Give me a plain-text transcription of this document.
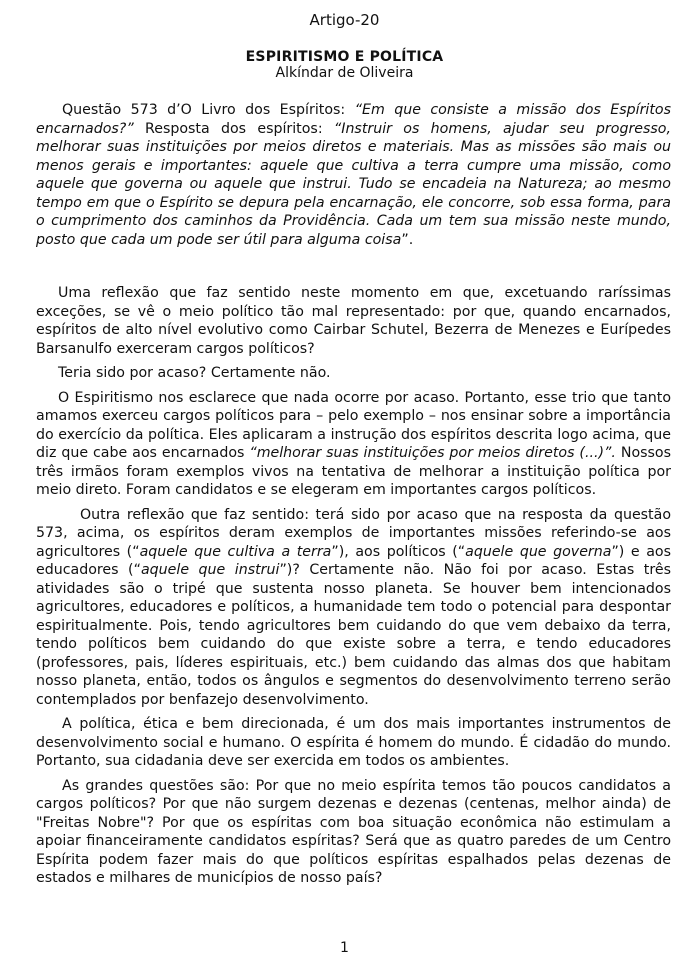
Artigo-20
ESPIRITISMO E POLÍTICA
Alkíndar de Oliveira

Questão 573 d’O Livro dos Espíritos: “Em que consiste a missão dos Espíritos encarnados?” Resposta dos espíritos: “Instruir os homens, ajudar seu progresso, melhorar suas instituições por meios diretos e materiais. Mas as missões são mais ou menos gerais e importantes: aquele que cultiva a terra cumpre uma missão, como aquele que governa ou aquele que instrui. Tudo se encadeia na Natureza; ao mesmo tempo em que o Espírito se depura pela encarnação, ele concorre, sob essa forma, para o cumprimento dos caminhos da Providência. Cada um tem sua missão neste mundo, posto que cada um pode ser útil para alguma coisa”.

Uma reflexão que faz sentido neste momento em que, excetuando raríssimas exceções, se vê o meio político tão mal representado: por que, quando encarnados, espíritos de alto nível evolutivo como Cairbar Schutel, Bezerra de Menezes e Eurípedes Barsanulfo exerceram cargos políticos?

Teria sido por acaso? Certamente não.

O Espiritismo nos esclarece que nada ocorre por acaso. Portanto, esse trio que tanto amamos exerceu cargos políticos para – pelo exemplo – nos ensinar sobre a importância do exercício da política. Eles aplicaram a instrução dos espíritos descrita logo acima, que diz que cabe aos encarnados “melhorar suas instituições por meios diretos (...)”. Nossos três irmãos foram exemplos vivos na tentativa de melhorar a instituição política por meio direto. Foram candidatos e se elegeram em importantes cargos políticos.

Outra reflexão que faz sentido: terá sido por acaso que na resposta da questão 573, acima, os espíritos deram exemplos de importantes missões referindo-se aos agricultores (“aquele que cultiva a terra”), aos políticos (“aquele que governa”) e aos educadores (“aquele que instrui”)? Certamente não. Não foi por acaso. Estas três atividades são o tripé que sustenta nosso planeta. Se houver bem intencionados agricultores, educadores e políticos, a humanidade tem todo o potencial para despontar espiritualmente. Pois, tendo agricultores bem cuidando do que vem debaixo da terra, tendo políticos bem cuidando do que existe sobre a terra, e tendo educadores (professores, pais, líderes espirituais, etc.) bem cuidando das almas dos que habitam nosso planeta, então, todos os ângulos e segmentos do desenvolvimento terreno serão contemplados por benfazejo desenvolvimento.

A política, ética e bem direcionada, é um dos mais importantes instrumentos de desenvolvimento social e humano. O espírita é homem do mundo. É cidadão do mundo. Portanto, sua cidadania deve ser exercida em todos os ambientes.

As grandes questões são: Por que no meio espírita temos tão poucos candidatos a cargos políticos? Por que não surgem dezenas e dezenas (centenas, melhor ainda) de "Freitas Nobre"? Por que os espíritas com boa situação econômica não estimulam a apoiar financeiramente candidatos espíritas? Será que as quatro paredes de um Centro Espírita podem fazer mais do que políticos espíritas espalhados pelas dezenas de estados e milhares de municípios de nosso país?

1
